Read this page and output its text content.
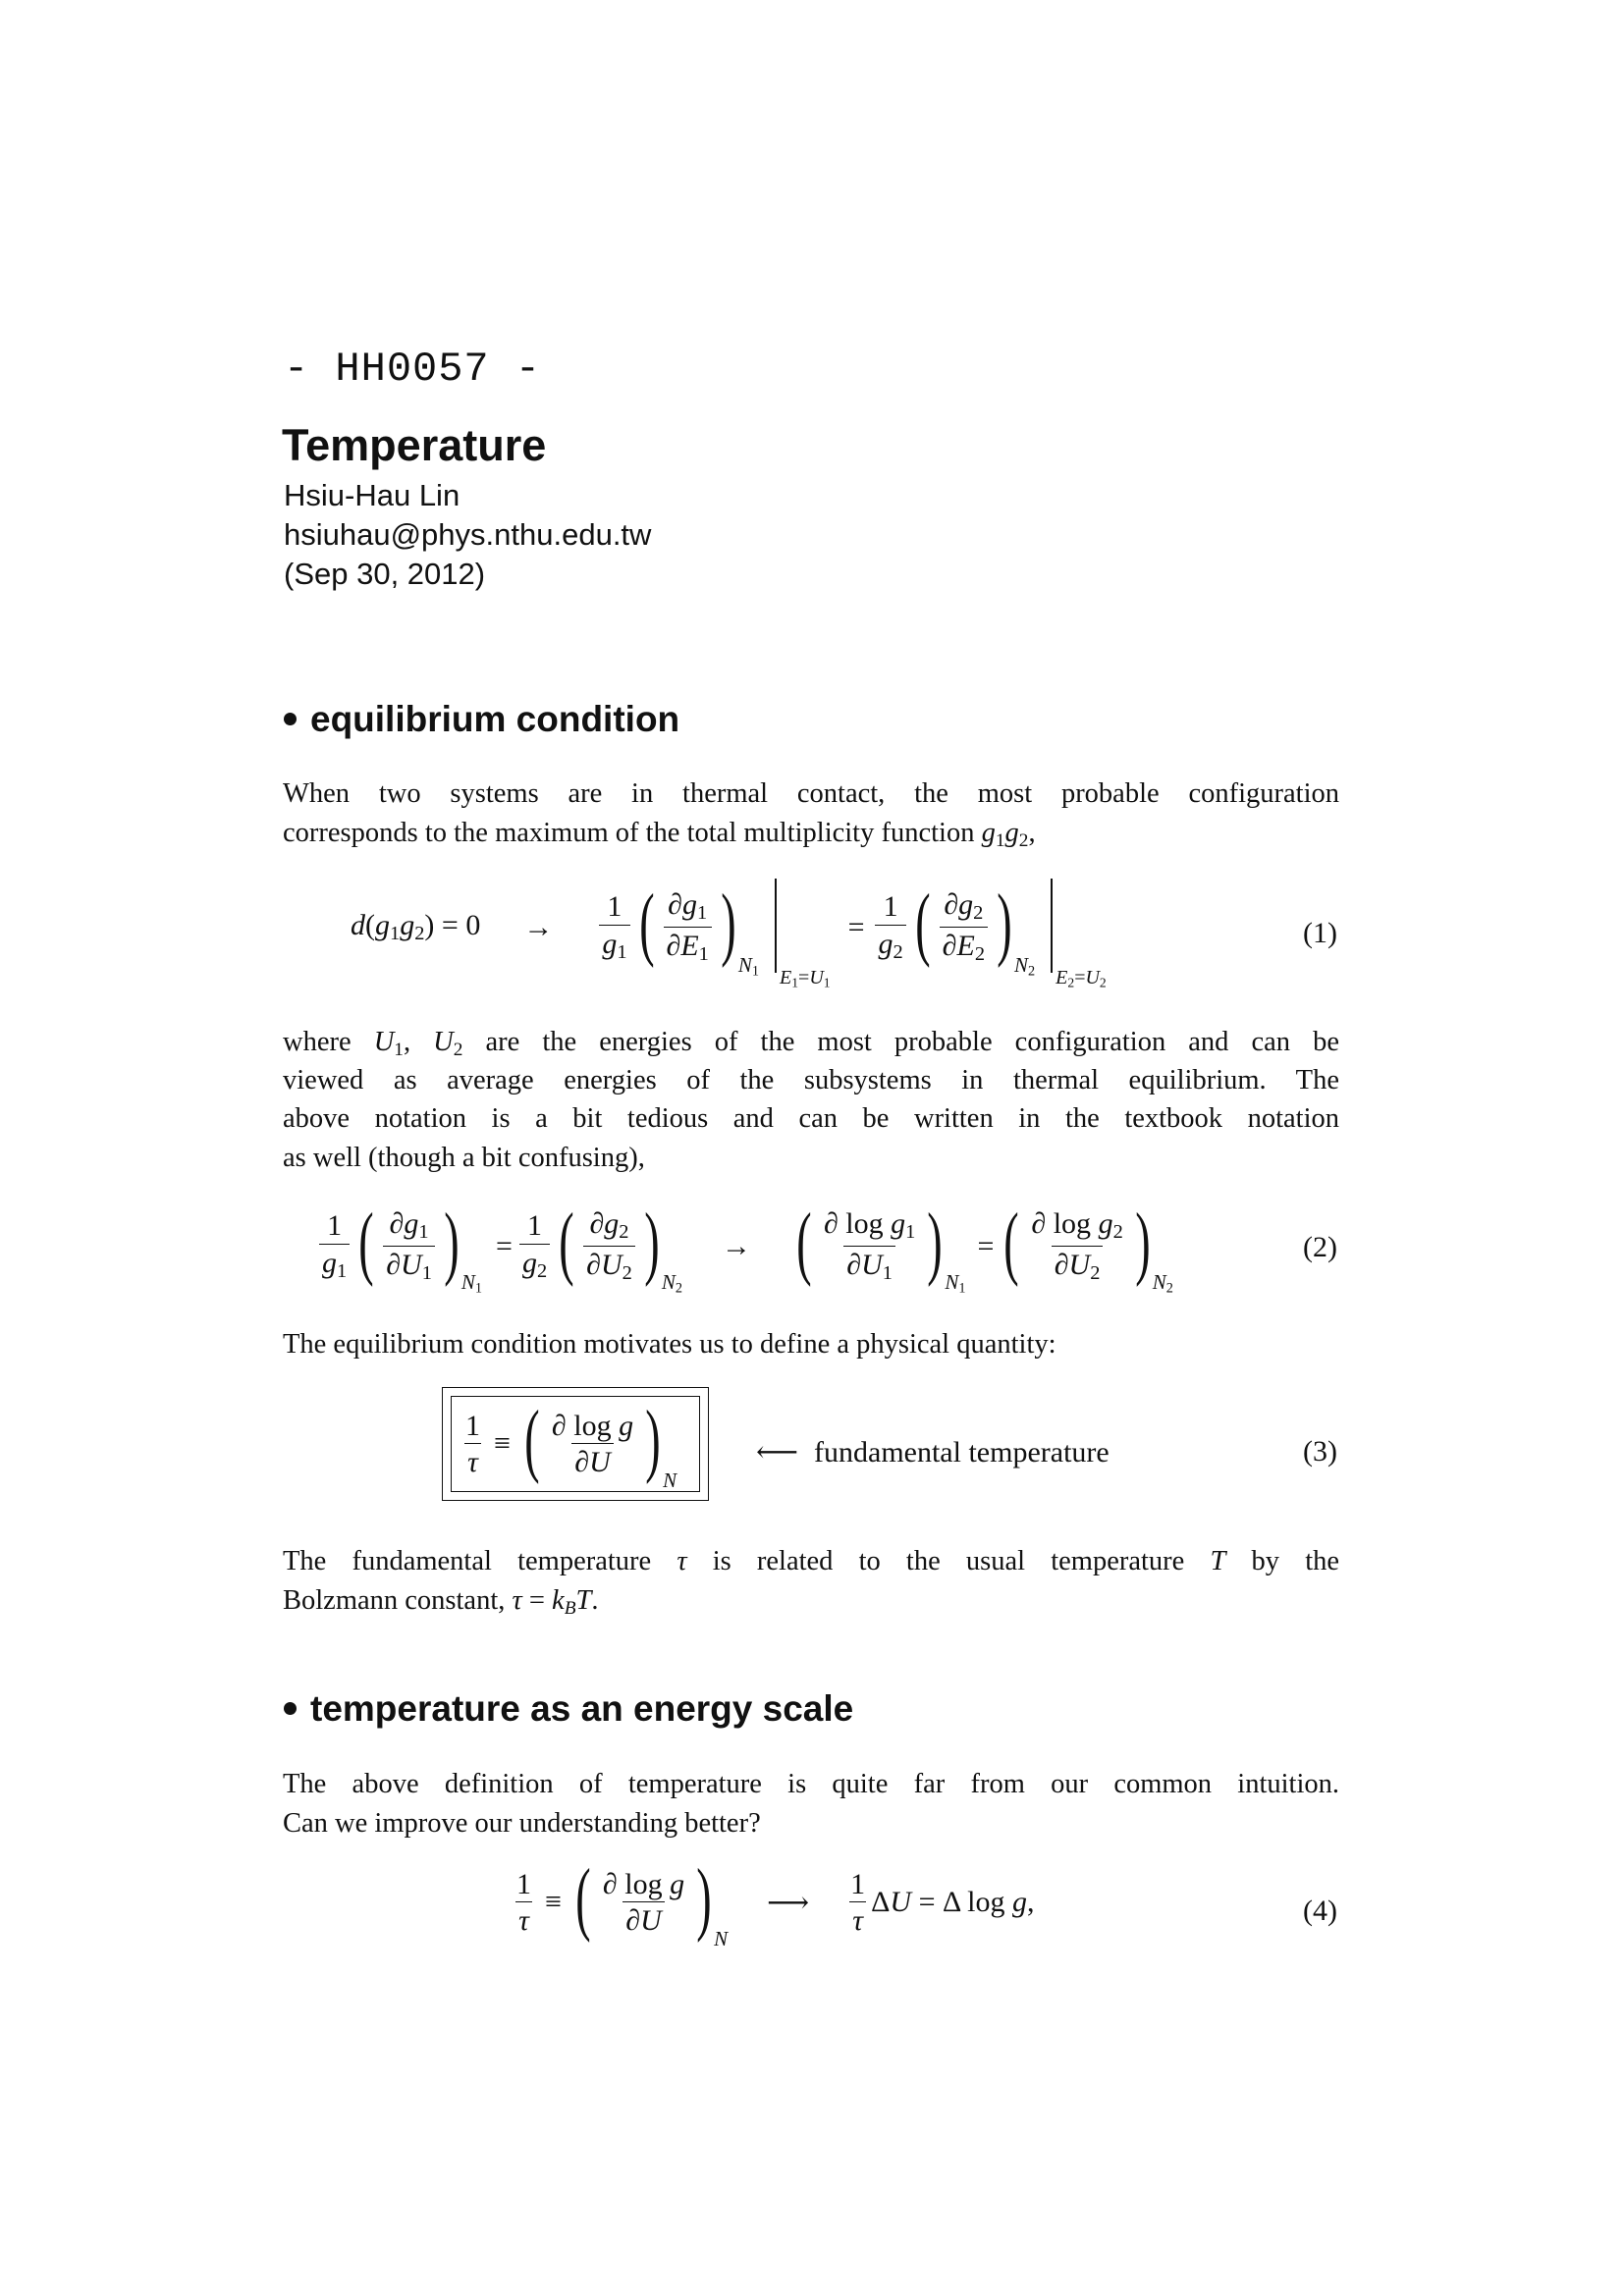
- HH0057 -
Temperature
Hsiu-Hau Lin
hsiuhau@phys.nthu.edu.tw
(Sep 30, 2012)
equilibrium condition
When two systems are in thermal contact, the most probable configuration
corresponds to the maximum of the total multiplicity function $g_1g_2$,
$d(g_1g_2) = 0 \to \frac{1}{g_1}$ ( $\frac{\partial g_1}{\partial E_1}$ ) $N_1$ $E_1=U_1$
= $\frac{1}{g_2}$ ( $\frac{\partial g_2}{\partial E_2}$ ) $N_2$ $E_2=U_2$
(1)
where $U_1$, $U_2$ are the energies of the most probable configuration and can be
viewed as average energies of the subsystems in thermal equilibrium. The
above notation is a bit tedious and can be written in the textbook notation
as well (though a bit confusing),
$\frac{1}{g_1}$ ( $\frac{\partial g_1}{\partial U_1}$ ) $N_1$
= $\frac{1}{g_2}$ ( $\frac{\partial g_2}{\partial U_2}$ ) $N_2$
→ ( $\frac{\partial \log g_1}{\partial U_1}$ ) $N_1$
= ( $\frac{\partial \log g_2}{\partial U_2}$ ) $N_2$
(2)
The equilibrium condition motivates us to define a physical quantity:
$\frac{1}{\tau}$ ≡ ( $\frac{\text{∂ log g}}{\partial U}$ ) N
⟵ fundamental temperature	(3)
The fundamental temperature τ is related to the usual temperature T by the
Bolzmann constant, $\tau = k_BT$.
temperature as an energy scale
The above definition of temperature is quite far from our common intuition.
Can we improve our understanding better?
$\frac{1}{\tau}$ ≡ ( $\frac{\text{∂ log g}}{\partial U}$ ) N
⟶ $\frac{1}{\tau}$ ΔU = Δ log g,	(4)
